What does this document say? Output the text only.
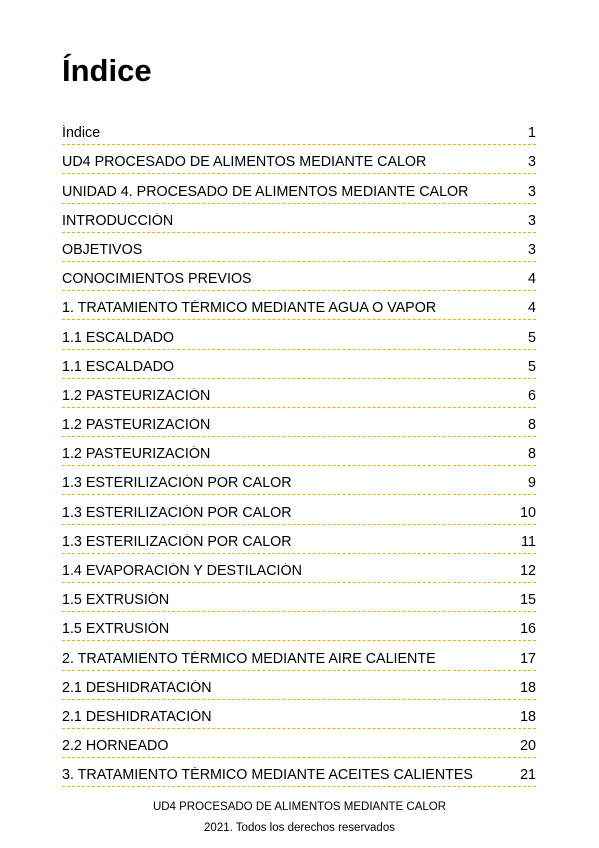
Índice
Índice	1
UD4 PROCESADO DE ALIMENTOS MEDIANTE CALOR	3
UNIDAD 4. PROCESADO DE ALIMENTOS MEDIANTE CALOR	3
INTRODUCCIÓN	3
OBJETIVOS	3
CONOCIMIENTOS PREVIOS	4
1. TRATAMIENTO TÉRMICO MEDIANTE AGUA O VAPOR	4
1.1 ESCALDADO	5
1.1 ESCALDADO	5
1.2 PASTEURIZACIÓN	6
1.2 PASTEURIZACIÓN	8
1.2 PASTEURIZACIÓN	8
1.3 ESTERILIZACIÓN POR CALOR	9
1.3 ESTERILIZACIÓN POR CALOR	10
1.3 ESTERILIZACIÓN POR CALOR	11
1.4 EVAPORACIÓN Y DESTILACIÓN	12
1.5 EXTRUSIÓN	15
1.5 EXTRUSIÓN	16
2. TRATAMIENTO TÉRMICO MEDIANTE AIRE CALIENTE	17
2.1 DESHIDRATACIÓN	18
2.1 DESHIDRATACIÓN	18
2.2 HORNEADO	20
3. TRATAMIENTO TÉRMICO MEDIANTE ACEITES CALIENTES	21
UD4 PROCESADO DE ALIMENTOS MEDIANTE CALOR
2021. Todos los derechos reservados
